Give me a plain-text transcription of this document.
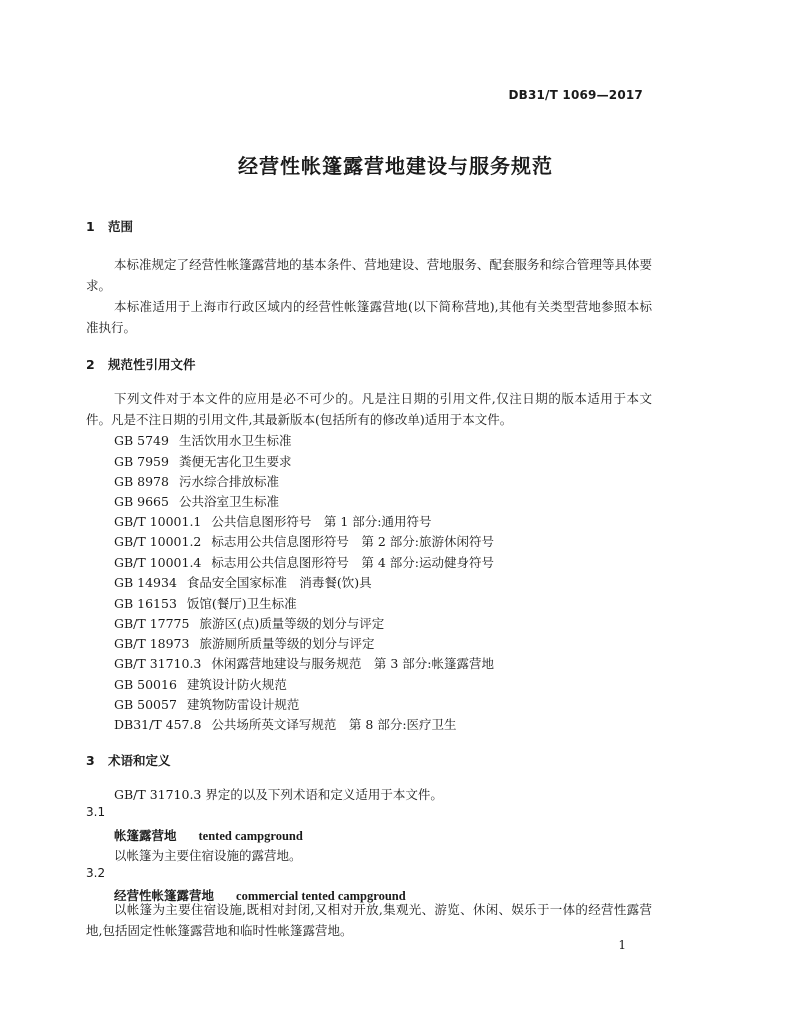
DB31/T 1069—2017
经营性帐篷露营地建设与服务规范
1 范围
本标准规定了经营性帐篷露营地的基本条件、营地建设、营地服务、配套服务和综合管理等具体要求。
本标准适用于上海市行政区域内的经营性帐篷露营地(以下简称营地),其他有关类型营地参照本标准执行。
2 规范性引用文件
下列文件对于本文件的应用是必不可少的。凡是注日期的引用文件,仅注日期的版本适用于本文件。凡是不注日期的引用文件,其最新版本(包括所有的修改单)适用于本文件。
GB 5749 生活饮用水卫生标准
GB 7959 粪便无害化卫生要求
GB 8978 污水综合排放标准
GB 9665 公共浴室卫生标准
GB/T 10001.1 公共信息图形符号　第 1 部分:通用符号
GB/T 10001.2 标志用公共信息图形符号　第 2 部分:旅游休闲符号
GB/T 10001.4 标志用公共信息图形符号　第 4 部分:运动健身符号
GB 14934 食品安全国家标准　消毒餐(饮)具
GB 16153 饭馆(餐厅)卫生标准
GB/T 17775 旅游区(点)质量等级的划分与评定
GB/T 18973 旅游厕所质量等级的划分与评定
GB/T 31710.3 休闲露营地建设与服务规范　第 3 部分:帐篷露营地
GB 50016 建筑设计防火规范
GB 50057 建筑物防雷设计规范
DB31/T 457.8 公共场所英文译写规范　第 8 部分:医疗卫生
3 术语和定义
GB/T 31710.3 界定的以及下列术语和定义适用于本文件。
3.1
帐篷露营地 tented campground
以帐篷为主要住宿设施的露营地。
3.2
经营性帐篷露营地 commercial tented campground
以帐篷为主要住宿设施,既相对封闭,又相对开放,集观光、游览、休闲、娱乐于一体的经营性露营地,包括固定性帐篷露营地和临时性帐篷露营地。
1
